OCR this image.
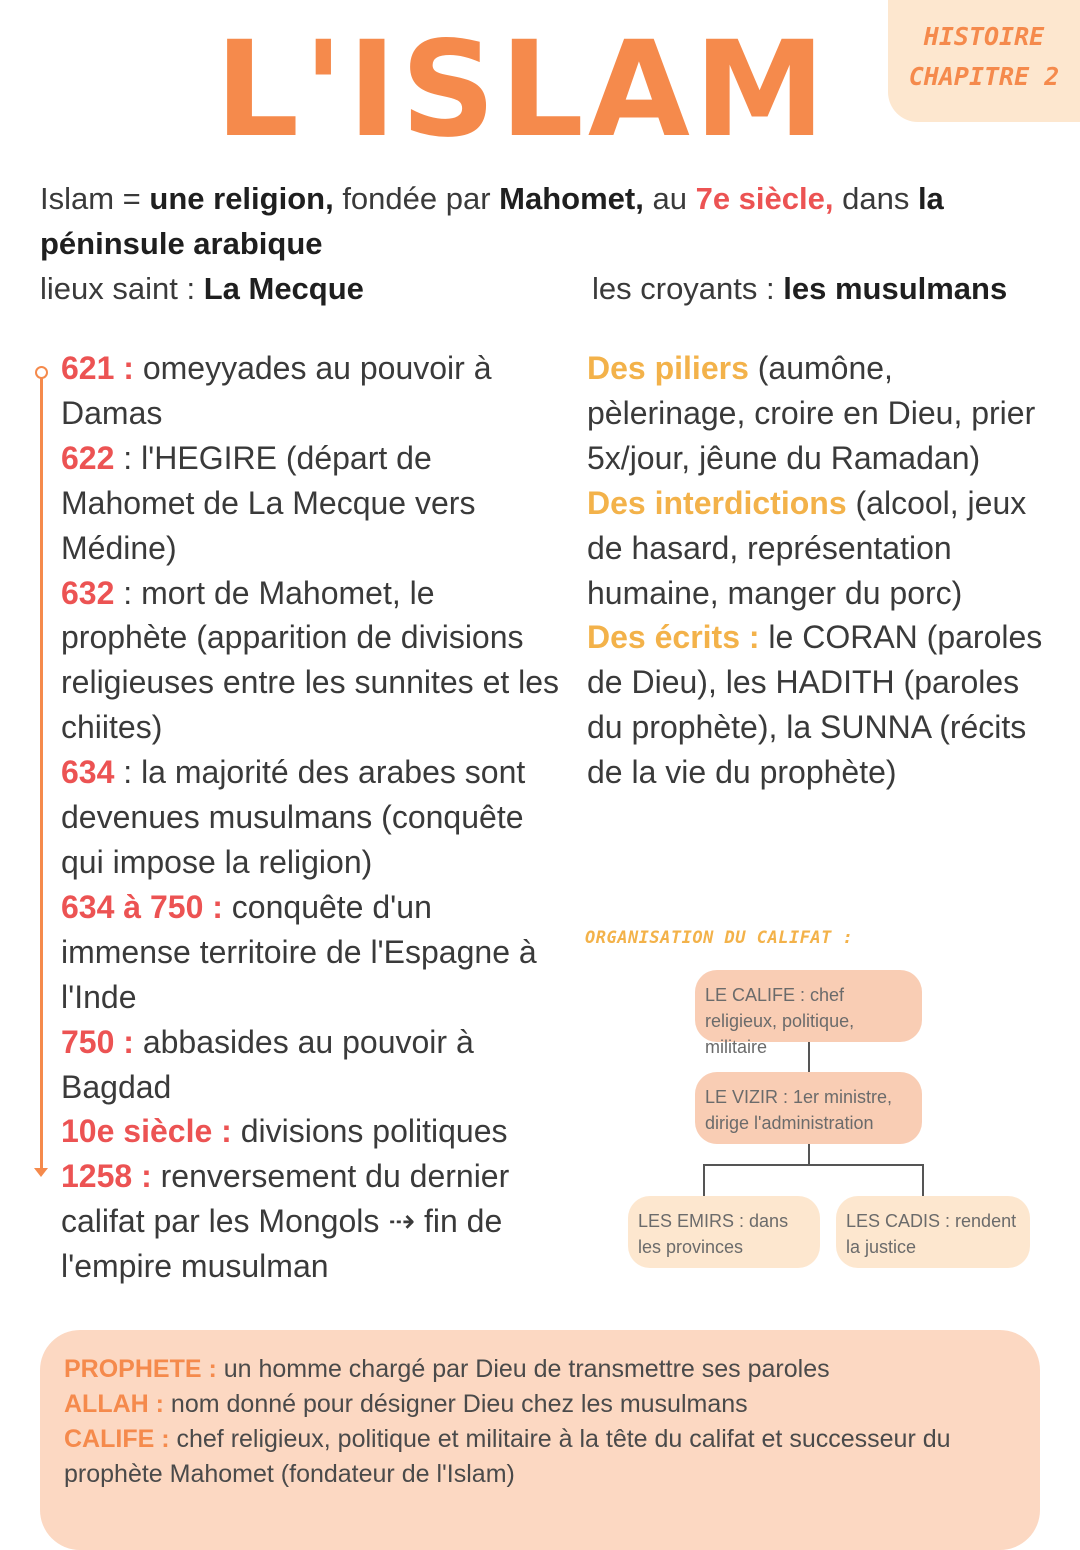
L'ISLAM	HISTOIRE
CHAPITRE 2
Islam = une religion, fondée par Mahomet, au 7e siècle, dans la péninsule arabique
lieux saint : La Mecque	les croyants : les musulmans
621 : omeyyades au pouvoir à Damas
622 : l'HEGIRE (départ de Mahomet de La Mecque vers Médine)
632 : mort de Mahomet, le prophète (apparition de divisions religieuses entre les sunnites et les chiites)
634 : la majorité des arabes sont devenues musulmans (conquête qui impose la religion)
634 à 750 : conquête d'un immense territoire de l'Espagne à l'Inde
750 : abbasides au pouvoir à Bagdad
10e siècle : divisions politiques
1258 : renversement du dernier califat par les Mongols ⇢ fin de l'empire musulman
Des piliers (aumône, pèlerinage, croire en Dieu, prier 5x/jour, jêune du Ramadan)
Des interdictions (alcool, jeux de hasard, représentation humaine, manger du porc)
Des écrits : le CORAN (paroles de Dieu), les HADITH (paroles du prophète), la SUNNA (récits de la vie du prophète)
ORGANISATION DU CALIFAT :
LE CALIFE : chef religieux, politique, militaire
LE VIZIR : 1er ministre, dirige l'administration
LES EMIRS : dans les provinces
LES CADIS : rendent la justice
PROPHETE : un homme chargé par Dieu de transmettre ses paroles
ALLAH : nom donné pour désigner Dieu chez les musulmans
CALIFE : chef religieux, politique et militaire à la tête du califat et successeur du prophète Mahomet (fondateur de l'Islam)
